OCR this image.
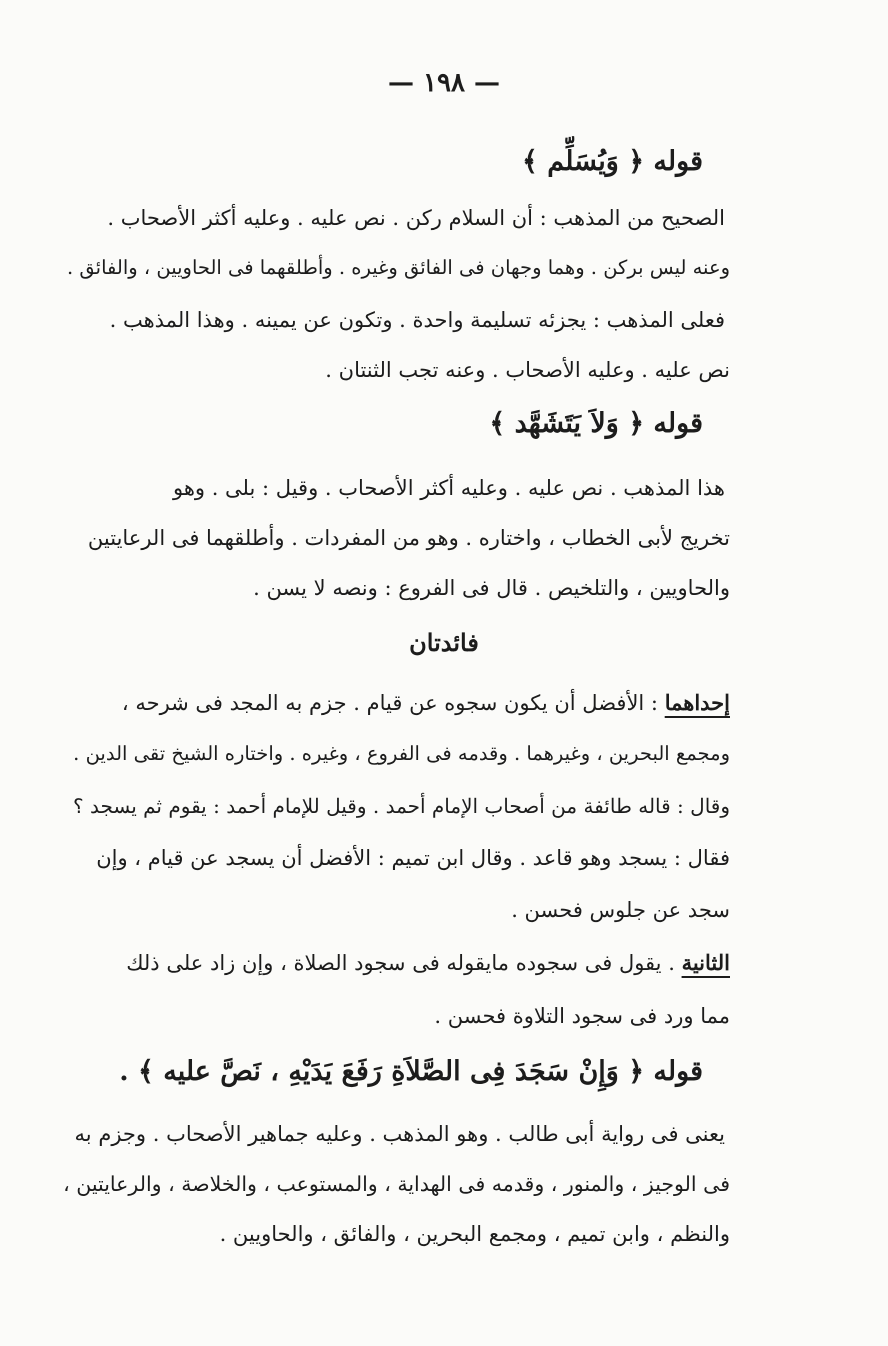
— ١٩٨ —
قوله ﴿ وَيُسَلِّم ﴾
الصحيح من المذهب : أن السلام ركن . نص عليه . وعليه أكثر الأصحاب .
وعنه ليس بركن . وهما وجهان فى الفائق وغيره . وأطلقهما فى الحاويين ، والفائق .
فعلى المذهب : يجزئه تسليمة واحدة . وتكون عن يمينه . وهذا المذهب .
نص عليه . وعليه الأصحاب . وعنه تجب الثنتان .
قوله ﴿ وَلاَ يَتَشَهَّد ﴾
هذا المذهب . نص عليه . وعليه أكثر الأصحاب . وقيل : بلى . وهو
تخريج لأبى الخطاب ، واختاره . وهو من المفردات . وأطلقهما فى الرعايتين
والحاويين ، والتلخيص . قال فى الفروع : ونصه لا يسن .
فائدتان
إحداهما : الأفضل أن يكون سجوه عن قيام . جزم به المجد فى شرحه ،
ومجمع البحرين ، وغيرهما . وقدمه فى الفروع ، وغيره . واختاره الشيخ تقى الدين .
وقال : قاله طائفة من أصحاب الإمام أحمد . وقيل للإمام أحمد : يقوم ثم يسجد ؟
فقال : يسجد وهو قاعد . وقال ابن تميم : الأفضل أن يسجد عن قيام ، وإن
سجد عن جلوس فحسن .
الثانية . يقول فى سجوده مايقوله فى سجود الصلاة ، وإن زاد على ذلك
مما ورد فى سجود التلاوة فحسن .
قوله ﴿ وَإِنْ سَجَدَ فِى الصَّلاَةِ رَفَعَ يَدَيْهِ ، نَصَّ عليه ﴾ .
يعنى فى رواية أبى طالب . وهو المذهب . وعليه جماهير الأصحاب . وجزم به
فى الوجيز ، والمنور ، وقدمه فى الهداية ، والمستوعب ، والخلاصة ، والرعايتين ،
والنظم ، وابن تميم ، ومجمع البحرين ، والفائق ، والحاويين .
